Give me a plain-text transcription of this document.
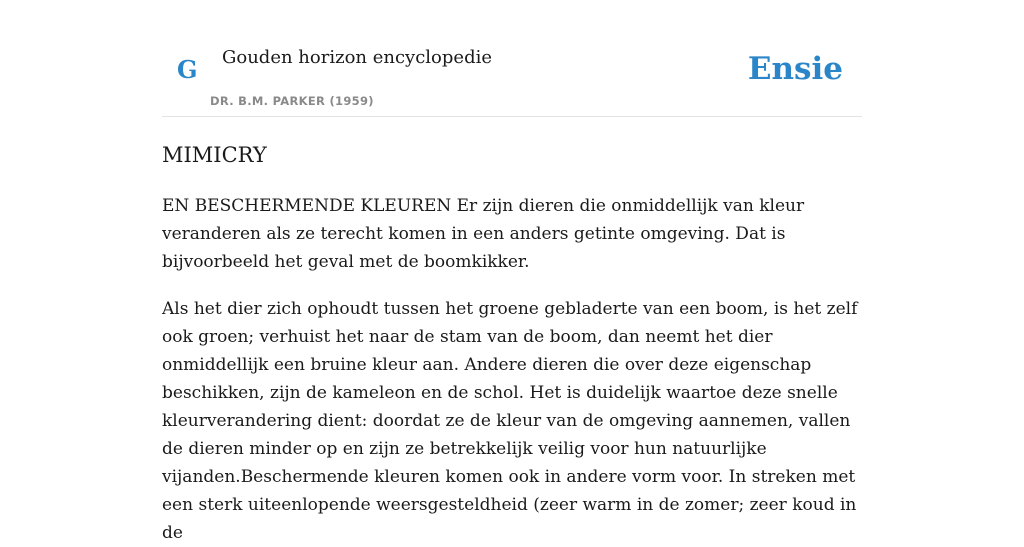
G Gouden horizon encyclopedie
DR. B.M. PARKER (1959)
Ensie
MIMICRY

EN BESCHERMENDE KLEUREN Er zijn dieren die onmiddellijk van kleur veranderen als ze terecht komen in een anders getinte omgeving. Dat is bijvoorbeeld het geval met de boomkikker.

Als het dier zich ophoudt tussen het groene gebladerte van een boom, is het zelf ook groen; verhuist het naar de stam van de boom, dan neemt het dier onmiddellijk een bruine kleur aan. Andere dieren die over deze eigenschap beschikken, zijn de kameleon en de schol. Het is duidelijk waartoe deze snelle kleurverandering dient: doordat ze de kleur van de omgeving aannemen, vallen de dieren minder op en zijn ze betrekkelijk veilig voor hun natuurlijke vijanden.Beschermende kleuren komen ook in andere vorm voor. In streken met een sterk uiteenlopende weersgesteldheid (zeer warm in de zomer; zeer koud in de
